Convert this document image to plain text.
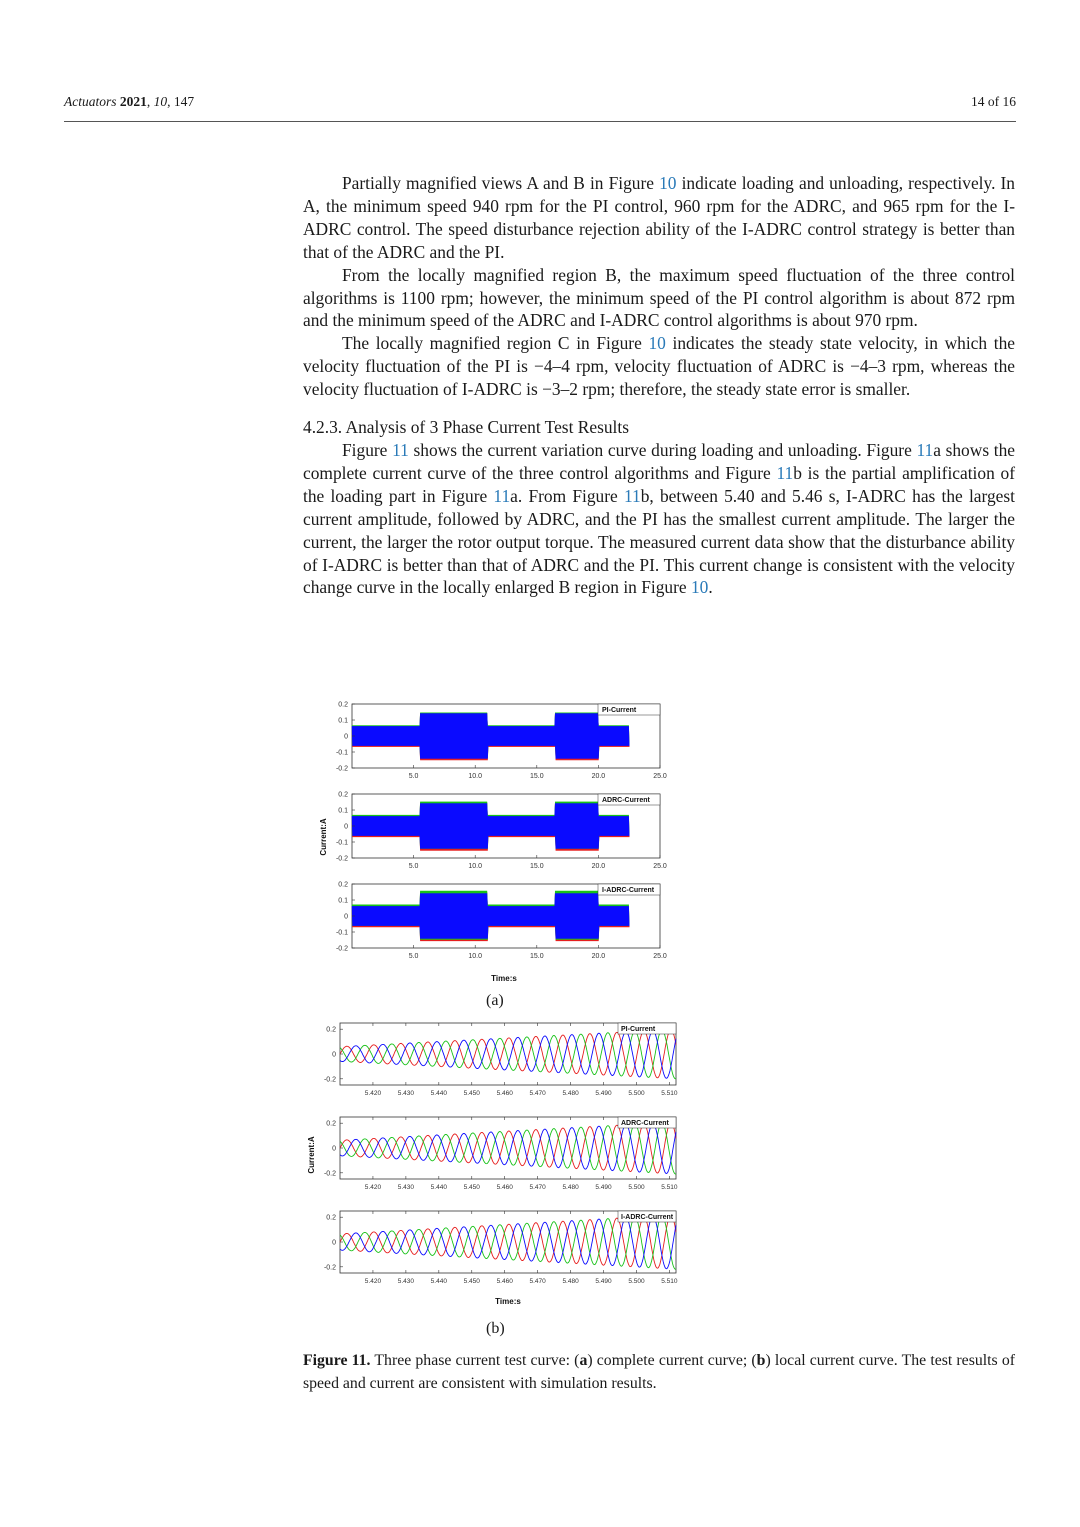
Actuators 2021, 10, 147	14 of 16

Partially magnified views A and B in Figure 10 indicate loading and unloading, respectively. In A, the minimum speed 940 rpm for the PI control, 960 rpm for the ADRC, and 965 rpm for the I-ADRC control. The speed disturbance rejection ability of the I-ADRC control strategy is better than that of the ADRC and the PI.

From the locally magnified region B, the maximum speed fluctuation of the three control algorithms is 1100 rpm; however, the minimum speed of the PI control algorithm is about 872 rpm and the minimum speed of the ADRC and I-ADRC control algorithms is about 970 rpm.

The locally magnified region C in Figure 10 indicates the steady state velocity, in which the velocity fluctuation of the PI is −4–4 rpm, velocity fluctuation of ADRC is −4–3 rpm, whereas the velocity fluctuation of I-ADRC is −3–2 rpm; therefore, the steady state error is smaller.

4.2.3. Analysis of 3 Phase Current Test Results

Figure 11 shows the current variation curve during loading and unloading. Figure 11a shows the complete current curve of the three control algorithms and Figure 11b is the partial amplification of the loading part in Figure 11a. From Figure 11b, between 5.40 and 5.46 s, I-ADRC has the largest current amplitude, followed by ADRC, and the PI has the smallest current amplitude. The larger the current, the larger the rotor output torque. The measured current data show that the disturbance ability of I-ADRC is better than that of ADRC and the PI. This current change is consistent with the velocity change curve in the locally enlarged B region in Figure 10.

0.2
0.1
0
-0.1
-0.2
5.0	10.0	15.0	20.0	25.0
PI-Current
0.2
0.1
0
-0.1
-0.2
5.0	10.0	15.0	20.0	25.0
ADRC-Current
0.2
0.1
0
-0.1
-0.2
5.0	10.0	15.0	20.0	25.0
I-ADRC-Current
Time:s
Current:A
(a)
0.2
0
-0.2
5.420	5.430	5.440	5.450	5.460	5.470	5.480	5.490	5.500	5.510
PI-Current
0.2
0
-0.2
5.420	5.430	5.440	5.450	5.460	5.470	5.480	5.490	5.500	5.510
ADRC-Current
0.2
0
-0.2
5.420	5.430	5.440	5.450	5.460	5.470	5.480	5.490	5.500	5.510
I-ADRC-Current
Time:s
Current:A
(b)
Figure 11. Three phase current test curve: (a) complete current curve; (b) local current curve. The test results of speed and current are consistent with simulation results.
